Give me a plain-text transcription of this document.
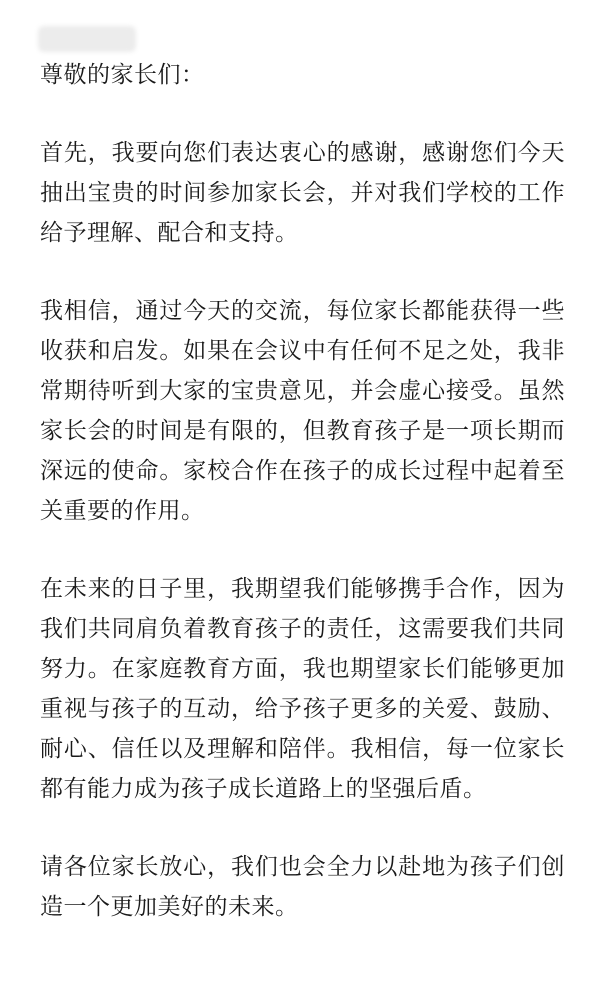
尊敬的家长们：

首先，我要向您们表达衷心的感谢，感谢您们今天抽出宝贵的时间参加家长会，并对我们学校的工作给予理解、配合和支持。

我相信，通过今天的交流，每位家长都能获得一些收获和启发。如果在会议中有任何不足之处，我非常期待听到大家的宝贵意见，并会虚心接受。虽然家长会的时间是有限的，但教育孩子是一项长期而深远的使命。家校合作在孩子的成长过程中起着至关重要的作用。

在未来的日子里，我期望我们能够携手合作，因为我们共同肩负着教育孩子的责任，这需要我们共同努力。在家庭教育方面，我也期望家长们能够更加重视与孩子的互动，给予孩子更多的关爱、鼓励、耐心、信任以及理解和陪伴。我相信，每一位家长都有能力成为孩子成长道路上的坚强后盾。

请各位家长放心，我们也会全力以赴地为孩子们创造一个更加美好的未来。
